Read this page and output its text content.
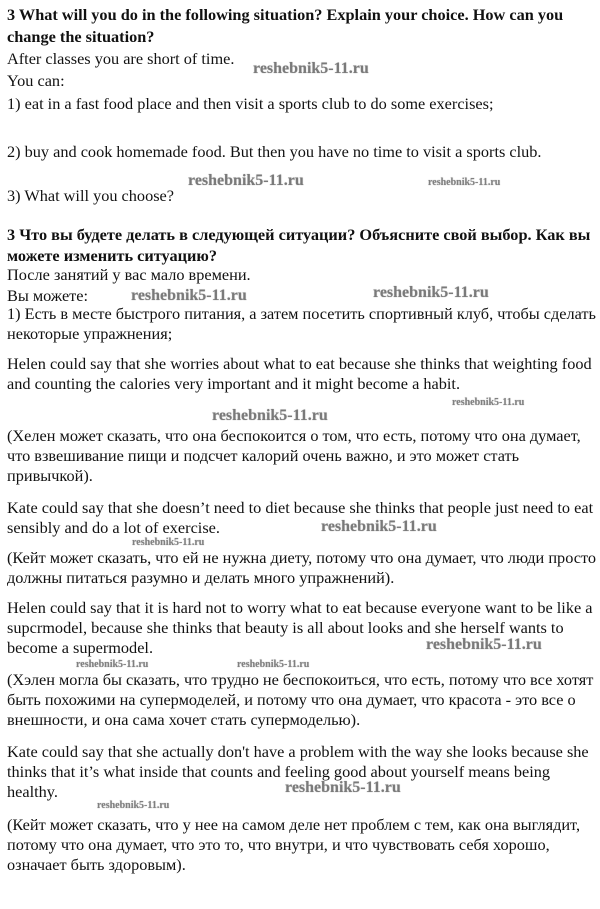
3 What will you do in the following situation? Explain your choice. How can you change the situation?

After classes you are short of time.

You can:

1) eat in a fast food place and then visit a sports club to do some exercises;

2) buy and cook homemade food. But then you have no time to visit a sports club.

3) What will you choose?

3 Что вы будете делать в следующей ситуации? Объясните свой выбор. Как вы можете изменить ситуацию?

После занятий у вас мало времени.

Вы можете:

1) Есть в месте быстрого питания, а затем посетить спортивный клуб, чтобы сделать некоторые упражнения;

Helen could say that she worries about what to eat because she thinks that weighting food and counting the calories very important and it might become a habit.

(Хелен может сказать, что она беспокоится о том, что есть, потому что она думает, что взвешивание пищи и подсчет калорий очень важно, и это может стать привычкой).

Kate could say that she doesn’t need to diet because she thinks that people just need to eat sensibly and do a lot of exercise.

(Кейт может сказать, что ей не нужна диету, потому что она думает, что люди просто должны питаться разумно и делать много упражнений).

Helen could say that it is hard not to worry what to eat because everyone want to be like a supcrmodel, because she thinks that beauty is all about looks and she herself wants to become a supermodel.

(Хэлен могла бы сказать, что трудно не беспокоиться, что есть, потому что все хотят быть похожими на супермоделей, и потому что она думает, что красота - это все о внешности, и она сама хочет стать супермоделью).

Kate could say that she actually don't have a problem with the way she looks because she thinks that it’s what inside that counts and feeling good about yourself means being healthy.

(Кейт может сказать, что у нее на самом деле нет проблем с тем, как она выглядит, потому что она думает, что это то, что внутри, и что чувствовать себя хорошо, означает быть здоровым).

reshebnik5-11.ru
reshebnik5-11.ru	reshebnik5-11.ru
reshebnik5-11.ru	reshebnik5-11.ru
reshebnik5-11.ru
reshebnik5-11.ru
reshebnik5-11.ru
reshebnik5-11.ru
reshebnik5-11.ru
reshebnik5-11.ru	reshebnik5-11.ru
reshebnik5-11.ru
reshebnik5-11.ru
